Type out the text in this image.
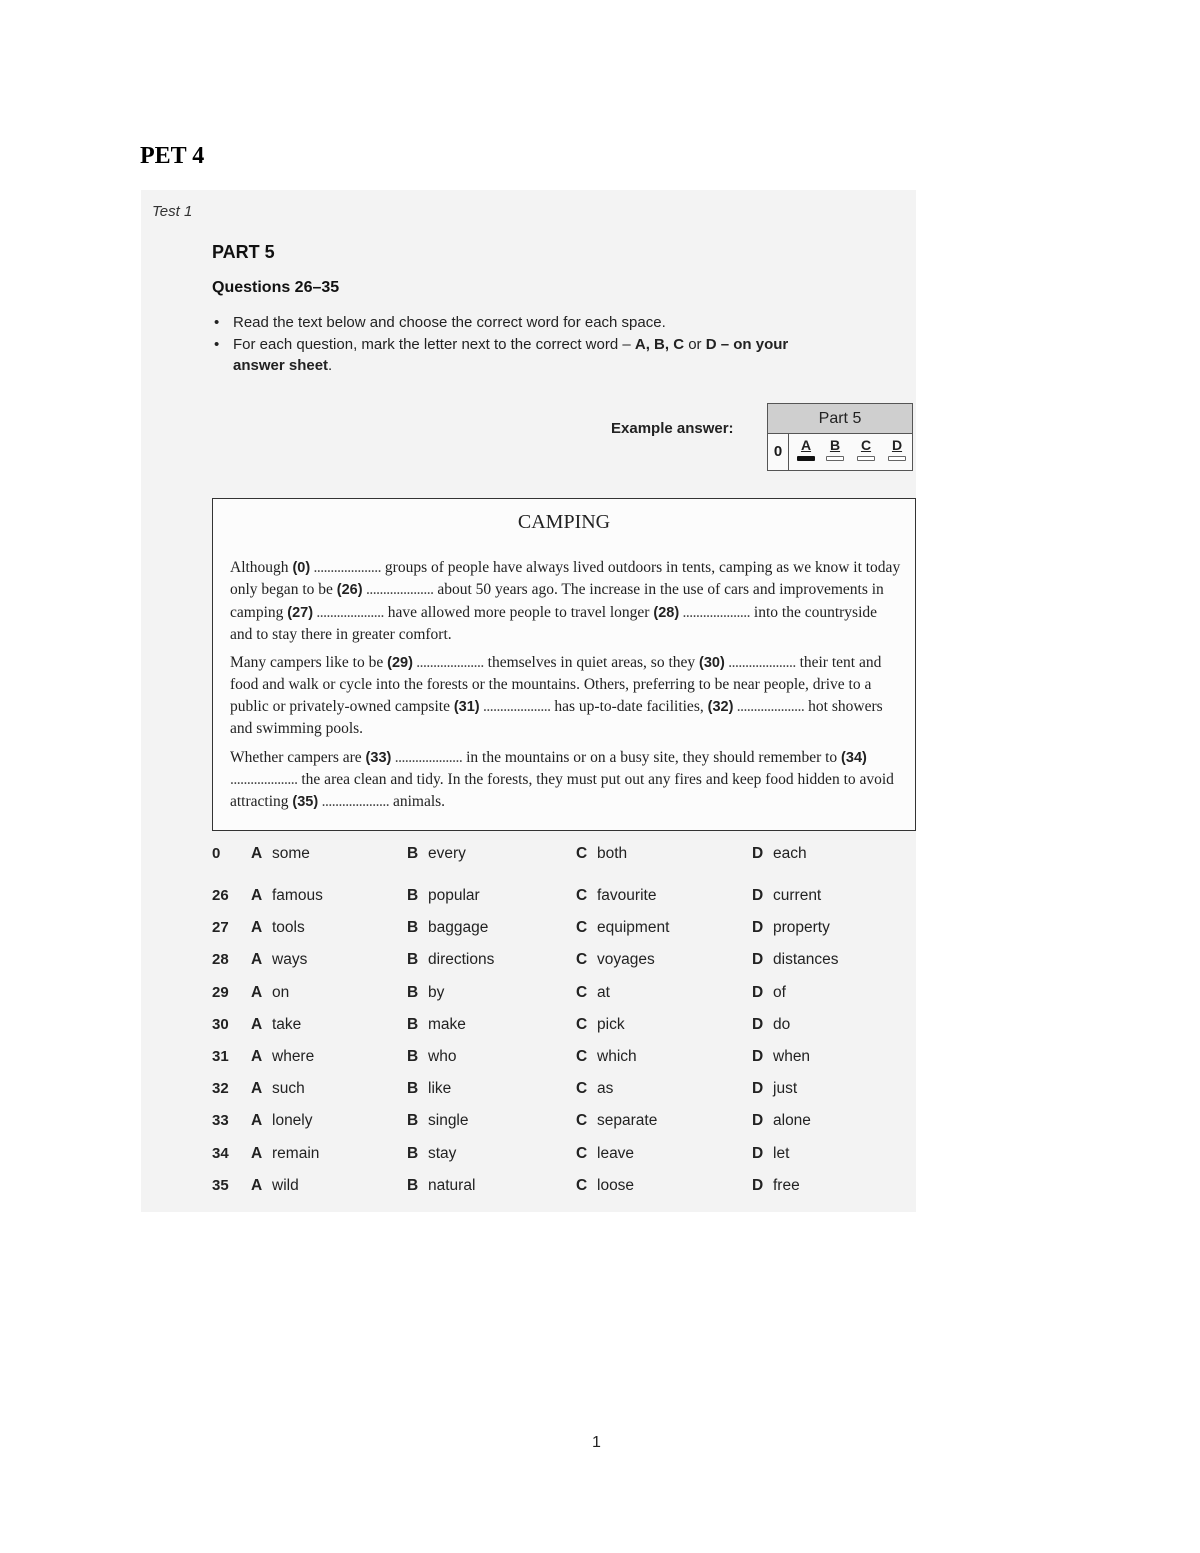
PET 4
Test 1
PART 5
Questions 26–35
• Read the text below and choose the correct word for each space.
• For each question, mark the letter next to the correct word – A, B, C or D – on your answer sheet.
Example answer:
Part 5
0	A	B	C	D
CAMPING

Although (0) .................... groups of people have always lived outdoors in tents, camping as we know it today only began to be (26) .................... about 50 years ago. The increase in the use of cars and improvements in camping (27) .................... have allowed more people to travel longer (28) .................... into the countryside and to stay there in greater comfort.

Many campers like to be (29) .................... themselves in quiet areas, so they (30) .................... their tent and food and walk or cycle into the forests or the mountains. Others, preferring to be near people, drive to a public or privately-owned campsite (31) .................... has up-to-date facilities, (32) .................... hot showers and swimming pools.

Whether campers are (33) .................... in the mountains or on a busy site, they should remember to (34) .................... the area clean and tidy. In the forests, they must put out any fires and keep food hidden to avoid attracting (35) .................... animals.

0 A some	B every	C both	D each
26 A famous	B popular	C favourite	D current
27 A tools	B baggage	C equipment	D property
28 A ways	B directions	C voyages	D distances
29 A on	B by	C at	D of
30 A take	B make	C pick	D do
31 A where	B who	C which	D when
32 A such	B like	C as	D just
33 A lonely	B single	C separate	D alone
34 A remain	B stay	C leave	D let
35 A wild	B natural	C loose	D free
1
